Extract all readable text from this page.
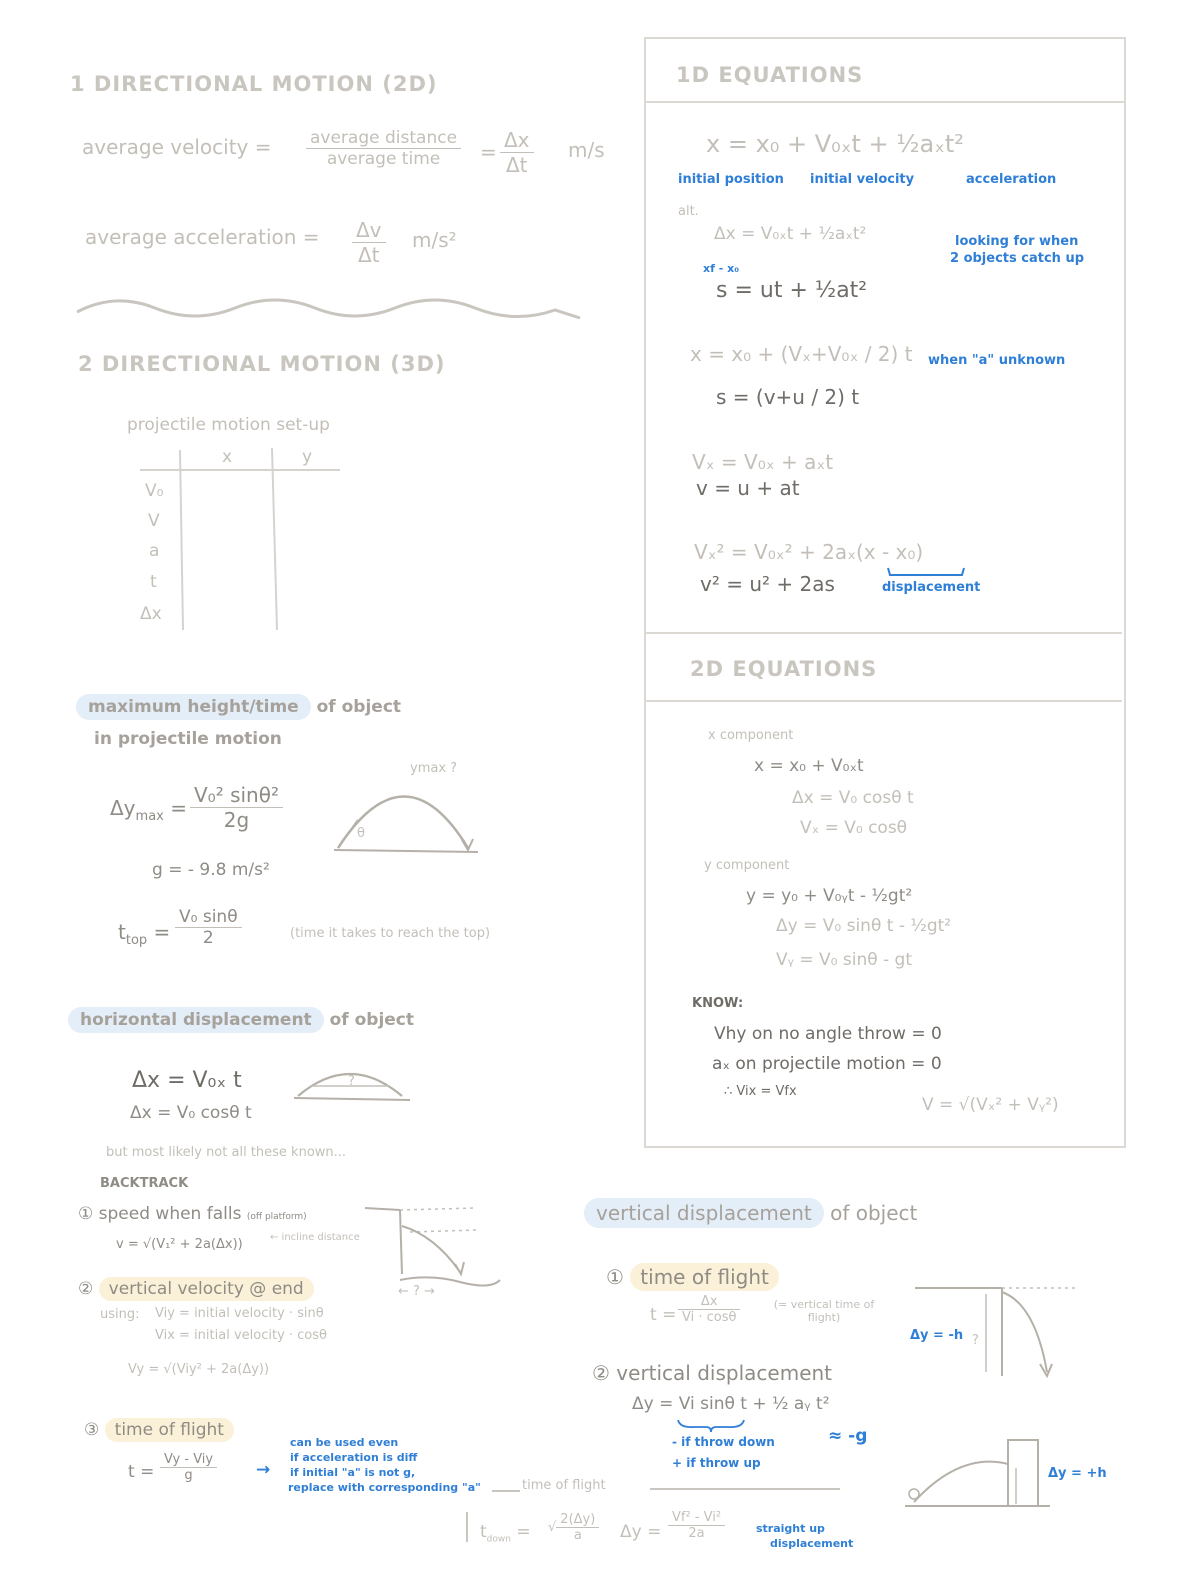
1 DIRECTIONAL MOTION (2D)
average velocity = $\frac{\text{average distance}}{\text{average time}} = \frac{\Delta x}{\Delta t} m/s$
average acceleration = $\frac{\Delta v}{\Delta t} m/s^2$
2 DIRECTIONAL MOTION (3D)
projectile motion set-up
x	y
V₀
V
a
t
Δx
maximum height/time of object
in projectile motion
$\Delta y_{max} = \frac{\text{V₀² sinθ²}}{2g}$
ymax ?
θ
g = - 9.8 m/s²
$t_{top} = \frac{\text{V₀ sinθ}}{2}$	(time it takes to reach the top)
horizontal displacement of object
Δx = V₀ₓ t
Δx = V₀ cosθ t
?
but most likely not all these known...
BACKTRACK
① speed when falls (off platform)
v = √(V₁² + 2a(Δx))	← incline distance
← ? →
② vertical velocity @ end
using: Viy = initial velocity · sinθ
Vix = initial velocity · cosθ
Vy = √(Viy² + 2a(Δy))
③ time of flight
$t = \frac{\text{Vy - Viy}}{g}$ →
can be used even
if acceleration is diff
if initial "a" is not g,
replace with corresponding "a"	time of flight
$t_{down}$ = √ $\frac{2(\Delta y)}{a}$ $\Delta y = \frac{\text{Vf² - Vi²}}{2a}$	straight up
displacement
1D EQUATIONS
x = x₀ + V₀ₓt + ½aₓt²
initial position initial velocity	acceleration
alt.
Δx = V₀ₓt + ½aₓt²
xf - x₀
s = ut + ½at²
looking for when
2 objects catch up
x = x₀ + (Vₓ+V₀ₓ / 2) t when "a" unknown
s = (v+u / 2) t
Vₓ = V₀ₓ + aₓt
v = u + at
Vₓ² = V₀ₓ² + 2aₓ(x - x₀)
v² = u² + 2as	displacement
2D EQUATIONS
x component
x = x₀ + V₀ₓt
Δx = V₀ cosθ t
Vₓ = V₀ cosθ
y component
y = y₀ + V₀ᵧt - ½gt²
Δy = V₀ sinθ t - ½gt²
Vᵧ = V₀ sinθ - gt
KNOW:
Vhy on no angle throw = 0
aₓ on projectile motion = 0
∴ Vix = Vfx
V = √(Vₓ² + Vᵧ²)
vertical displacement of object
① time of flight
$t = \frac{\Delta x}{Vi \cdot \cos\theta}$	(= vertical time of flight)
Δy = -h
② vertical displacement
Δy = Vi sinθ t + ½ aᵧ t²
≈ -g
- if throw down
+ if throw up
Δy = +h
?
